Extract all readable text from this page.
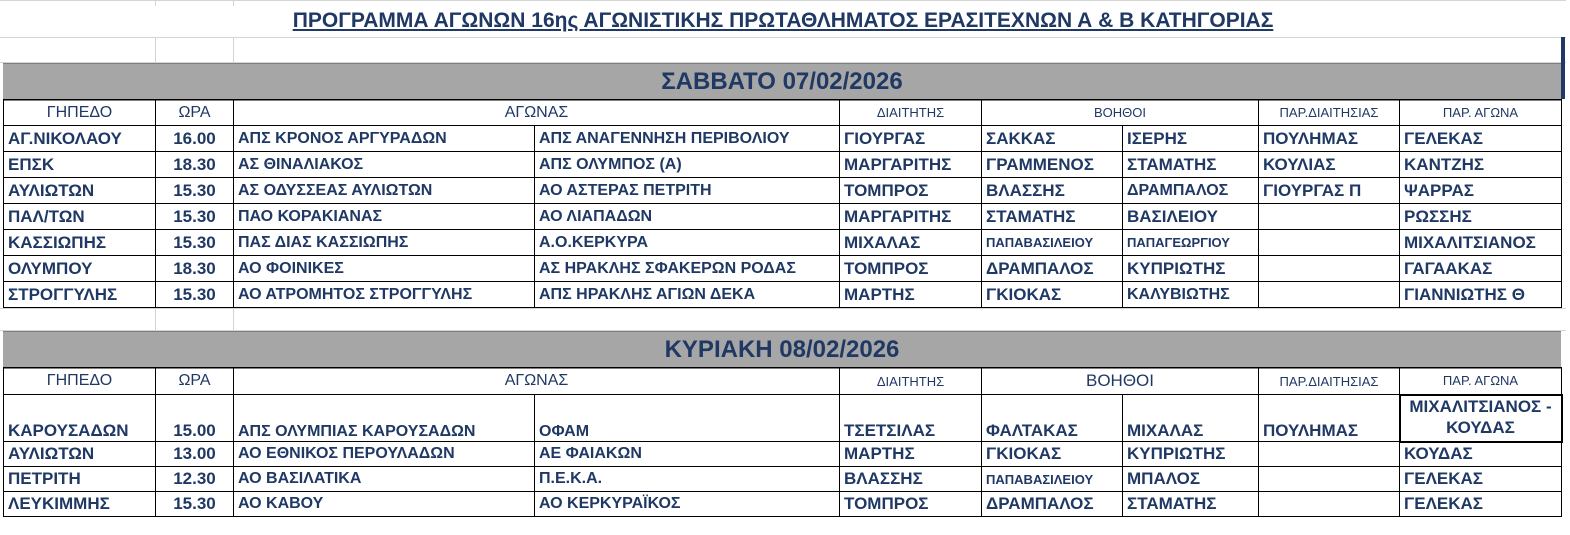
ΠΡΟΓΡΑΜΜΑ ΑΓΩΝΩΝ 16ης ΑΓΩΝΙΣΤΙΚΗΣ ΠΡΩΤΑΘΛΗΜΑΤΟΣ ΕΡΑΣΙΤΕΧΝΩΝ Α & Β ΚΑΤΗΓΟΡΙΑΣ
ΣΑΒΒΑΤΟ 07/02/2026
ΓΗΠΕΔΟ	ΩΡΑ	ΑΓΩΝΑΣ		ΔΙΑΙΤΗΤΗΣ	ΒΟΗΘΟΙ		ΠΑΡ.ΔΙΑΙΤΗΣΙΑΣ	ΠΑΡ. ΑΓΩΝΑ
ΑΓ.ΝΙΚΟΛΑΟΥ	16.00	ΑΠΣ ΚΡΟΝΟΣ ΑΡΓΥΡΑΔΩΝ	ΑΠΣ ΑΝΑΓΕΝΝΗΣΗ ΠΕΡΙΒΟΛΙΟΥ	ΓΙΟΥΡΓΑΣ	ΣΑΚΚΑΣ	ΙΣΕΡΗΣ	ΠΟΥΛΗΜΑΣ	ΓΕΛΕΚΑΣ
ΕΠΣΚ	18.30	ΑΣ ΘΙΝΑΛΙΑΚΟΣ	ΑΠΣ ΟΛΥΜΠΟΣ (Α)	ΜΑΡΓΑΡΙΤΗΣ	ΓΡΑΜΜΕΝΟΣ	ΣΤΑΜΑΤΗΣ	ΚΟΥΛΙΑΣ	ΚΑΝΤΖΗΣ
ΑΥΛΙΩΤΩΝ	15.30	ΑΣ ΟΔΥΣΣΕΑΣ ΑΥΛΙΩΤΩΝ	ΑΟ ΑΣΤΕΡΑΣ ΠΕΤΡΙΤΗ	ΤΟΜΠΡΟΣ	ΒΛΑΣΣΗΣ	ΔΡΑΜΠΑΛΟΣ	ΓΙΟΥΡΓΑΣ Π	ΨΑΡΡΑΣ
ΠΑΛ/ΤΩΝ	15.30	ΠΑΟ ΚΟΡΑΚΙΑΝΑΣ	ΑΟ ΛΙΑΠΑΔΩΝ	ΜΑΡΓΑΡΙΤΗΣ	ΣΤΑΜΑΤΗΣ	ΒΑΣΙΛΕΙΟΥ		ΡΩΣΣΗΣ
ΚΑΣΣΙΩΠΗΣ	15.30	ΠΑΣ ΔΙΑΣ ΚΑΣΣΙΩΠΗΣ	Α.Ο.ΚΕΡΚΥΡΑ	ΜΙΧΑΛΑΣ	ΠΑΠΑΒΑΣΙΛΕΙΟΥ	ΠΑΠΑΓΕΩΡΓΙΟΥ		ΜΙΧΑΛΙΤΣΙΑΝΟΣ
ΟΛΥΜΠΟΥ	18.30	ΑΟ ΦΟΙΝΙΚΕΣ	ΑΣ ΗΡΑΚΛΗΣ ΣΦΑΚΕΡΩΝ ΡΟΔΑΣ	ΤΟΜΠΡΟΣ	ΔΡΑΜΠΑΛΟΣ	ΚΥΠΡΙΩΤΗΣ		ΓΑΓΑΑΚΑΣ
ΣΤΡΟΓΓΥΛΗΣ	15.30	ΑΟ ΑΤΡΟΜΗΤΟΣ ΣΤΡΟΓΓΥΛΗΣ	ΑΠΣ ΗΡΑΚΛΗΣ ΑΓΙΩΝ ΔΕΚΑ	ΜΑΡΤΗΣ	ΓΚΙΟΚΑΣ	ΚΑΛΥΒΙΩΤΗΣ		ΓΙΑΝΝΙΩΤΗΣ Θ
ΚΥΡΙΑΚΗ 08/02/2026
ΓΗΠΕΔΟ	ΩΡΑ	ΑΓΩΝΑΣ		ΔΙΑΙΤΗΤΗΣ	ΒΟΗΘΟΙ		ΠΑΡ.ΔΙΑΙΤΗΣΙΑΣ	ΠΑΡ. ΑΓΩΝΑ
ΚΑΡΟΥΣΑΔΩΝ	15.00	ΑΠΣ ΟΛΥΜΠΙΑΣ ΚΑΡΟΥΣΑΔΩΝ	ΟΦΑΜ	ΤΣΕΤΣΙΛΑΣ	ΦΑΛΤΑΚΑΣ	ΜΙΧΑΛΑΣ	ΠΟΥΛΗΜΑΣ	ΜΙΧΑΛΙΤΣΙΑΝΟΣ - ΚΟΥΔΑΣ
ΑΥΛΙΩΤΩΝ	13.00	ΑΟ ΕΘΝΙΚΟΣ ΠΕΡΟΥΛΑΔΩΝ	ΑΕ ΦΑΙΑΚΩΝ	ΜΑΡΤΗΣ	ΓΚΙΟΚΑΣ	ΚΥΠΡΙΩΤΗΣ		ΚΟΥΔΑΣ
ΠΕΤΡΙΤΗ	12.30	ΑΟ ΒΑΣΙΛΑΤΙΚΑ	Π.Ε.Κ.Α.	ΒΛΑΣΣΗΣ	ΠΑΠΑΒΑΣΙΛΕΙΟΥ	ΜΠΑΛΟΣ		ΓΕΛΕΚΑΣ
ΛΕΥΚΙΜΜΗΣ	15.30	ΑΟ ΚΑΒΟΥ	ΑΟ ΚΕΡΚΥΡΑΪΚΟΣ	ΤΟΜΠΡΟΣ	ΔΡΑΜΠΑΛΟΣ	ΣΤΑΜΑΤΗΣ		ΓΕΛΕΚΑΣ
